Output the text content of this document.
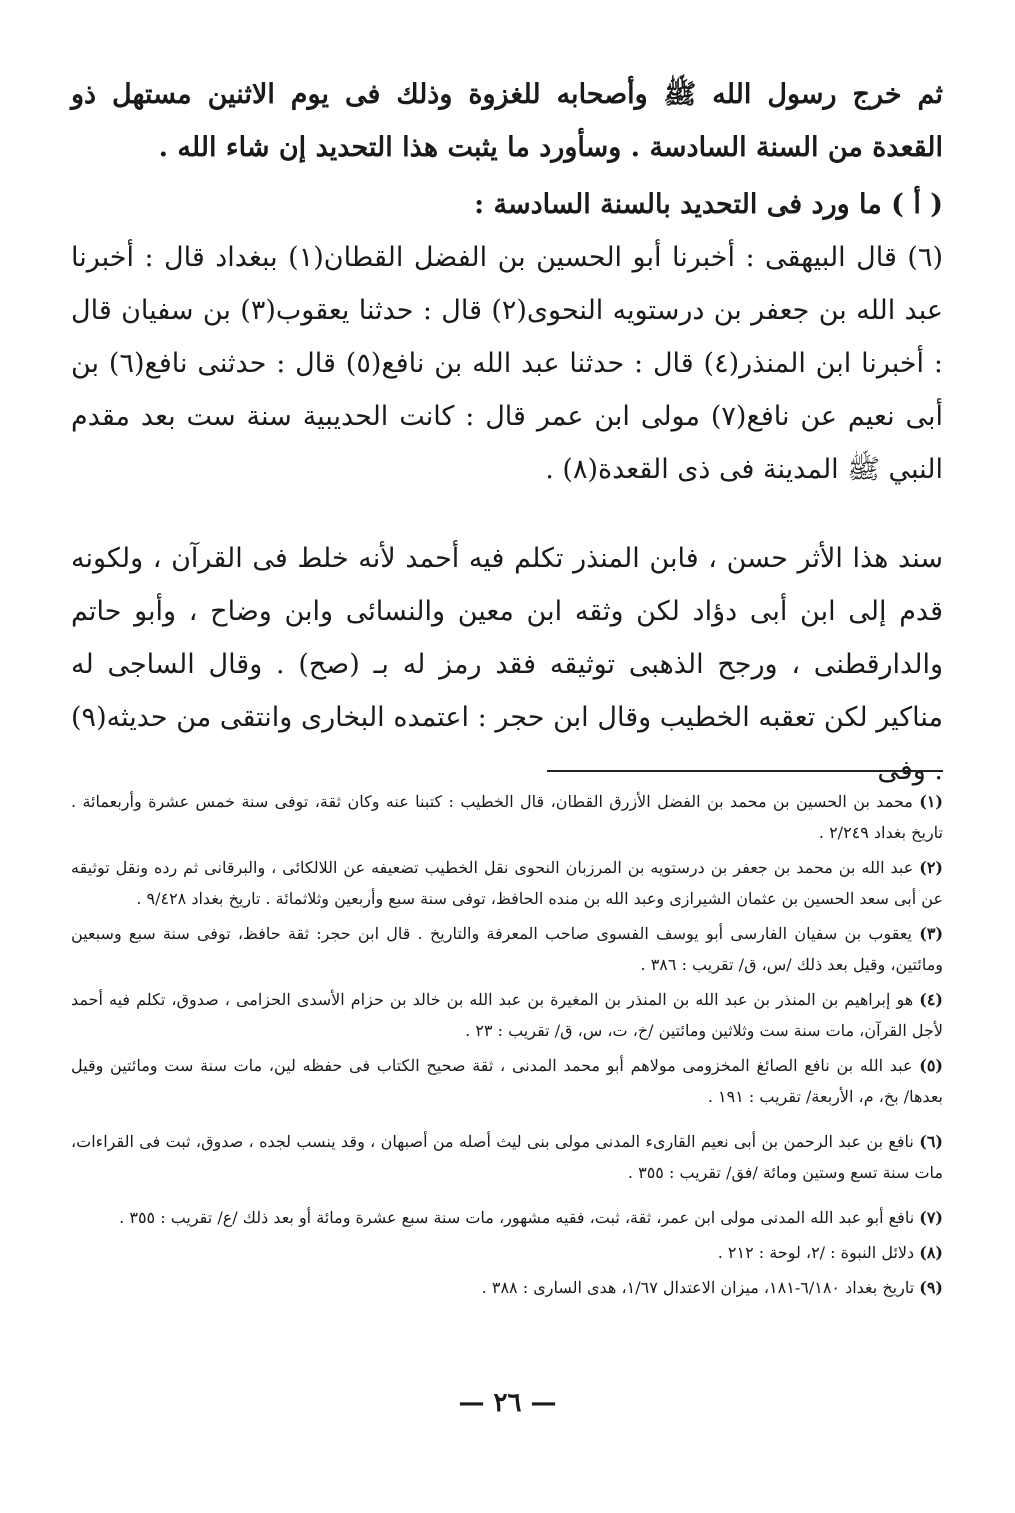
ثم خرج رسول الله ﷺ وأصحابه للغزوة وذلك فى يوم الاثنين مستهل ذو القعدة من السنة السادسة . وسأورد ما يثبت هذا التحديد إن شاء الله .

( أ ) ما ورد فى التحديد بالسنة السادسة :

(٦) قال البيهقى : أخبرنا أبو الحسين بن الفضل القطان(١) ببغداد قال : أخبرنا عبد الله بن جعفر بن درستويه النحوى(٢) قال : حدثنا يعقوب(٣) بن سفيان قال : أخبرنا ابن المنذر(٤) قال : حدثنا عبد الله بن نافع(٥) قال : حدثنى نافع(٦) بن أبى نعيم عن نافع(٧) مولى ابن عمر قال : كانت الحديبية سنة ست بعد مقدم النبي ﷺ المدينة فى ذى القعدة(٨) .

سند هذا الأثر حسن ، فابن المنذر تكلم فيه أحمد لأنه خلط فى القرآن ، ولكونه قدم إلى ابن أبى دؤاد لكن وثقه ابن معين والنسائى وابن وضاح ، وأبو حاتم والدارقطنى ، ورجح الذهبى توثيقه فقد رمز له بـ (صح) . وقال الساجى له مناكير لكن تعقبه الخطيب وقال ابن حجر : اعتمده البخارى وانتقى من حديثه(٩) . وفى

(١) محمد بن الحسين بن محمد بن الفضل الأزرق القطان، قال الخطيب : كتبنا عنه وكان ثقة، توفى سنة خمس عشرة وأربعمائة . تاريخ بغداد ٢/٢٤٩ .

(٢) عبد الله بن محمد بن جعفر بن درستويه بن المرزبان النحوى نقل الخطيب تضعيفه عن اللالكائى ، والبرقانى ثم رده ونقل توثيقه عن أبى سعد الحسين بن عثمان الشيرازى وعبد الله بن منده الحافظ، توفى سنة سبع وأربعين وثلاثمائة . تاريخ بغداد ٩/٤٢٨ .

(٣) يعقوب بن سفيان الفارسى أبو يوسف الفسوى صاحب المعرفة والتاريخ . قال ابن حجر: ثقة حافظ، توفى سنة سبع وسبعين ومائتين، وقيل بعد ذلك /س، ق/ تقريب : ٣٨٦ .

(٤) هو إبراهيم بن المنذر بن عبد الله بن المنذر بن المغيرة بن عبد الله بن خالد بن حزام الأسدى الحزامى ، صدوق، تكلم فيه أحمد لأجل القرآن، مات سنة ست وثلاثين ومائتين /خ، ت، س، ق/ تقريب : ٢٣ .

(٥) عبد الله بن نافع الصائغ المخزومى مولاهم أبو محمد المدنى ، ثقة صحيح الكتاب فى حفظه لين، مات سنة ست ومائتين وقيل بعدها/ بخ، م، الأربعة/ تقريب : ١٩١ .

(٦) نافع بن عبد الرحمن بن أبى نعيم القارىء المدنى مولى بنى ليث أصله من أصبهان ، وقد ينسب لجده ، صدوق، ثبت فى القراءات، مات سنة تسع وستين ومائة /فق/ تقريب : ٣٥٥ .

(٧) نافع أبو عبد الله المدنى مولى ابن عمر، ثقة، ثبت، فقيه مشهور، مات سنة سبع عشرة ومائة أو بعد ذلك /ع/ تقريب : ٣٥٥ .

(٨) دلائل النبوة : /٢، لوحة : ٢١٢ .

(٩) تاريخ بغداد ٦/١٨٠-١٨١، ميزان الاعتدال ١/٦٧، هدى السارى : ٣٨٨ .

— ٢٦ —
